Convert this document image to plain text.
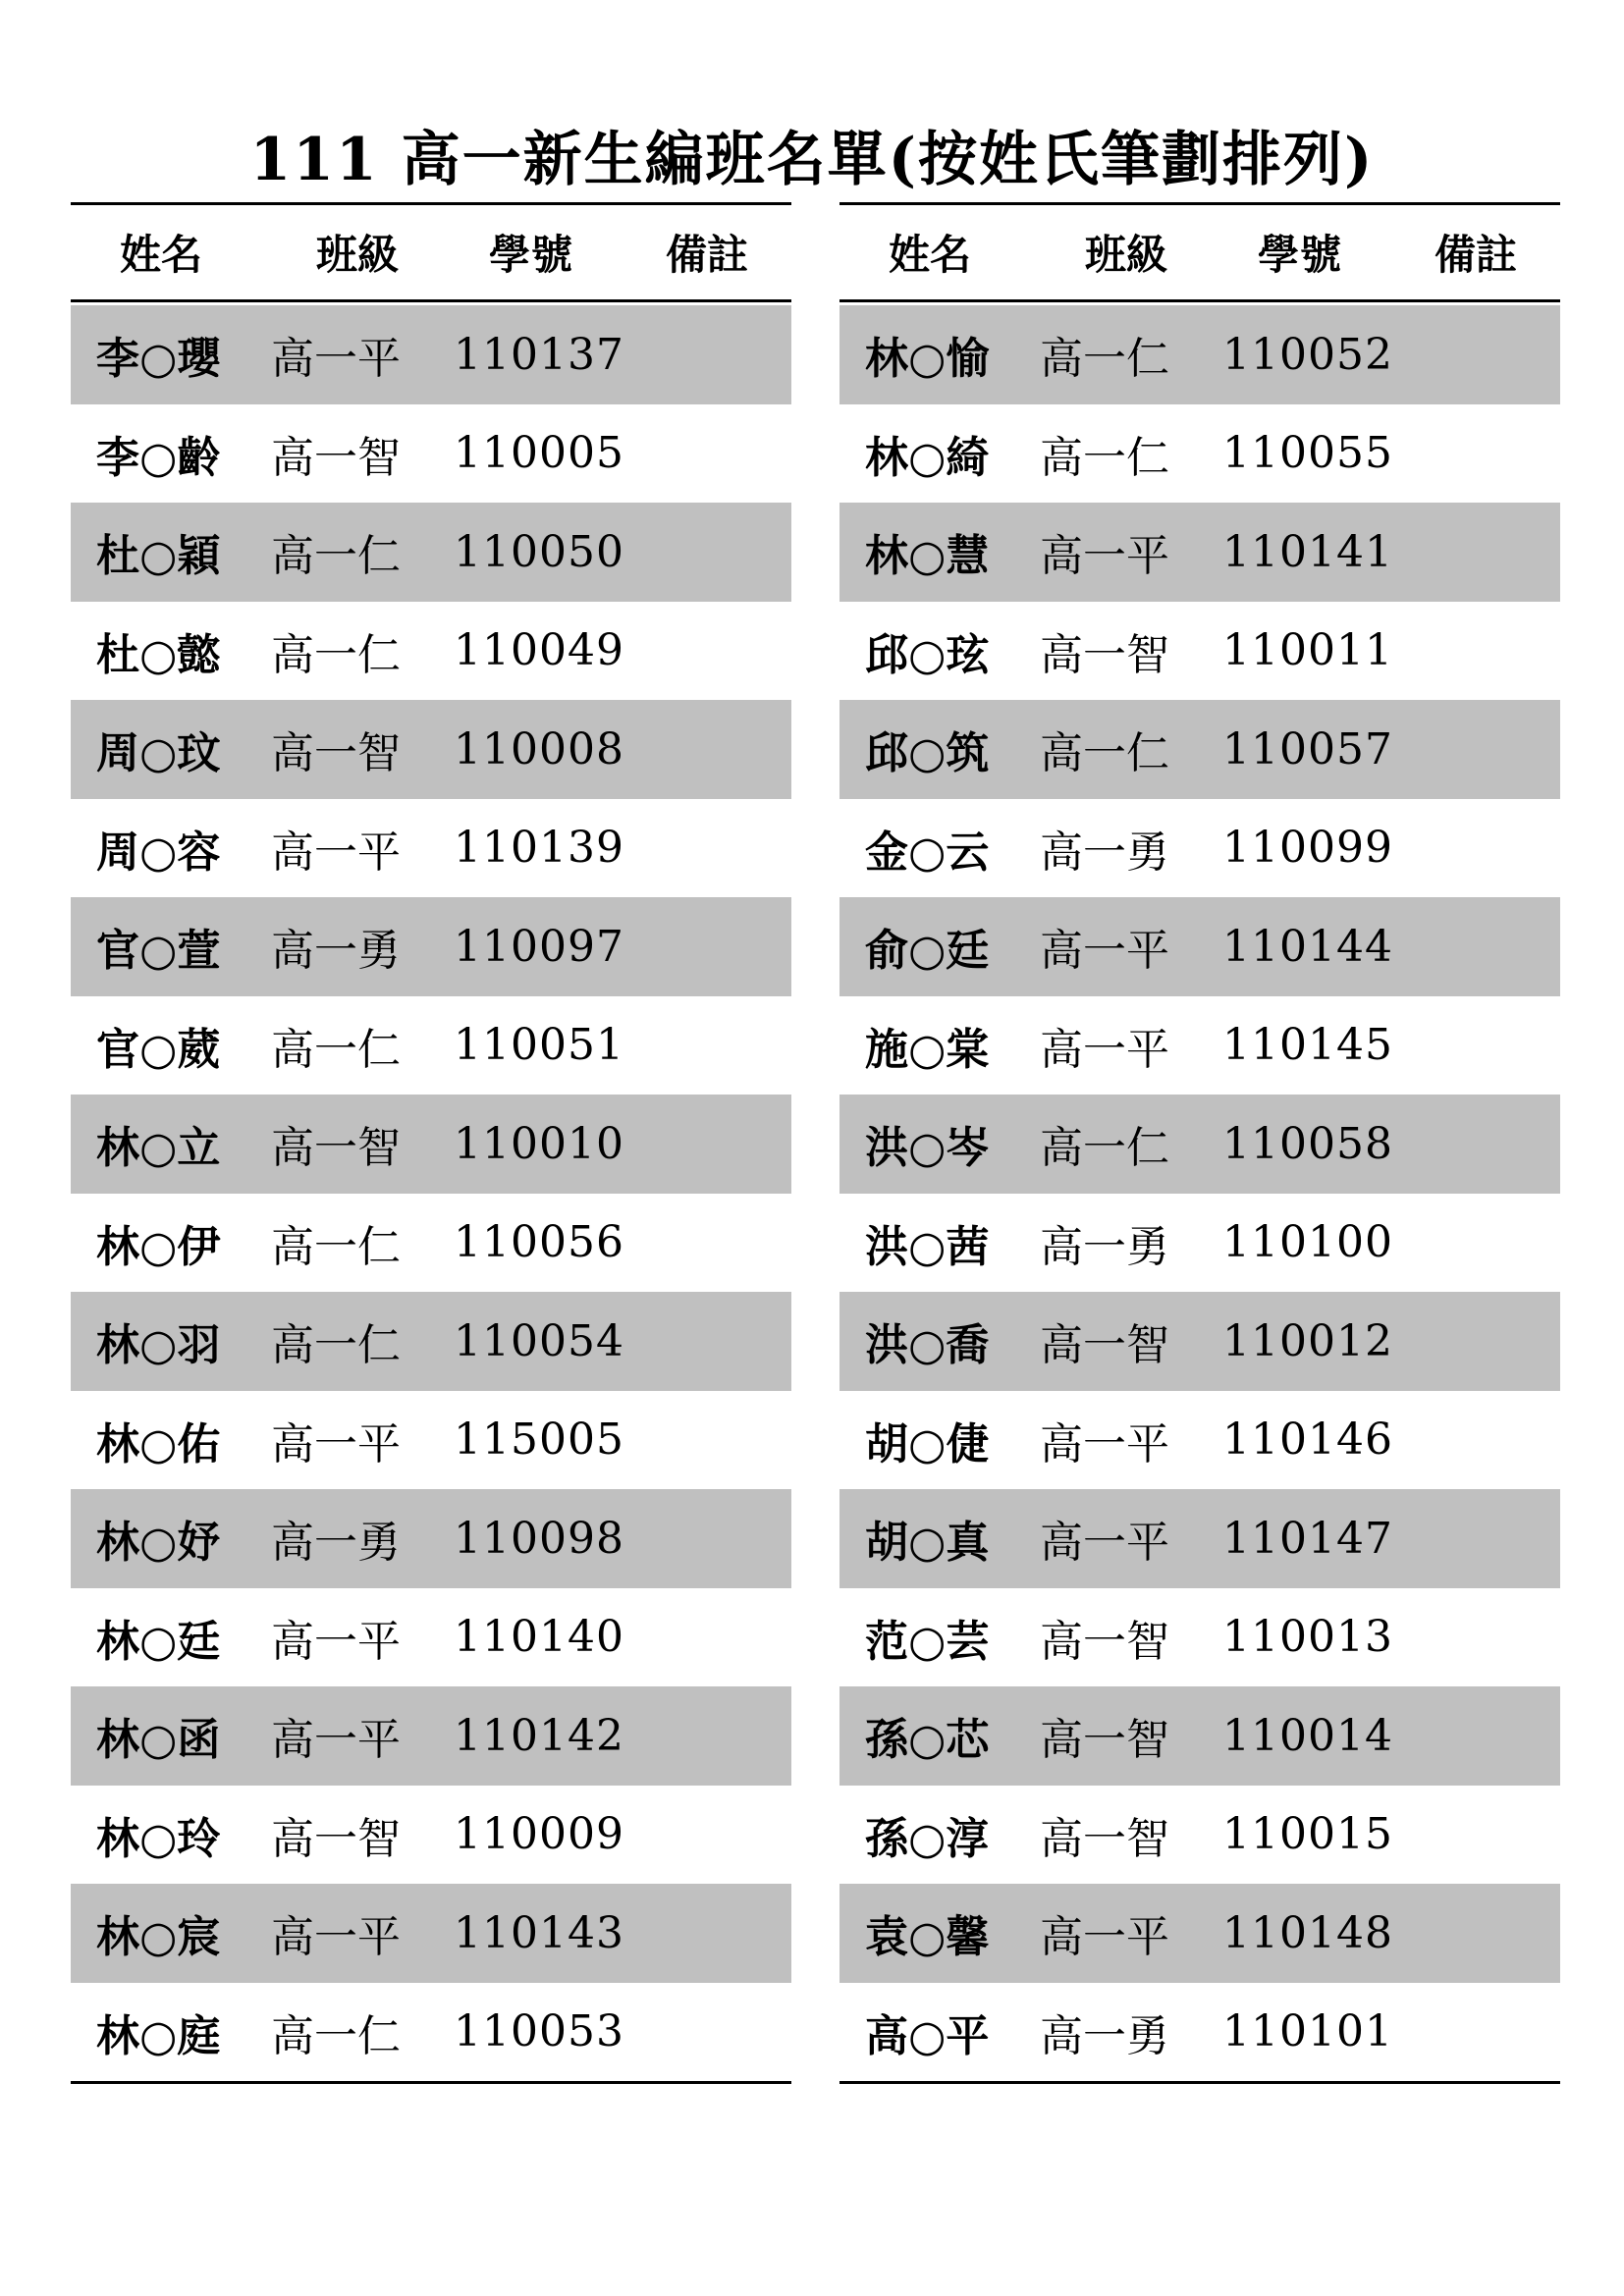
111 高一新生編班名單(按姓氏筆劃排列)
姓名	班級	學號	備註
李○瓔	高一平	110137
李○齡	高一智	110005
杜○穎	高一仁	110050
杜○懿	高一仁	110049
周○玟	高一智	110008
周○容	高一平	110139
官○萱	高一勇	110097
官○葳	高一仁	110051
林○立	高一智	110010
林○伊	高一仁	110056
林○羽	高一仁	110054
林○佑	高一平	115005
林○妤	高一勇	110098
林○廷	高一平	110140
林○函	高一平	110142
林○玲	高一智	110009
林○宸	高一平	110143
林○庭	高一仁	110053
姓名	班級	學號	備註
林○愉	高一仁	110052
林○綺	高一仁	110055
林○慧	高一平	110141
邱○玹	高一智	110011
邱○筑	高一仁	110057
金○云	高一勇	110099
俞○廷	高一平	110144
施○棠	高一平	110145
洪○岑	高一仁	110058
洪○茜	高一勇	110100
洪○喬	高一智	110012
胡○倢	高一平	110146
胡○真	高一平	110147
范○芸	高一智	110013
孫○芯	高一智	110014
孫○淳	高一智	110015
袁○馨	高一平	110148
高○平	高一勇	110101
